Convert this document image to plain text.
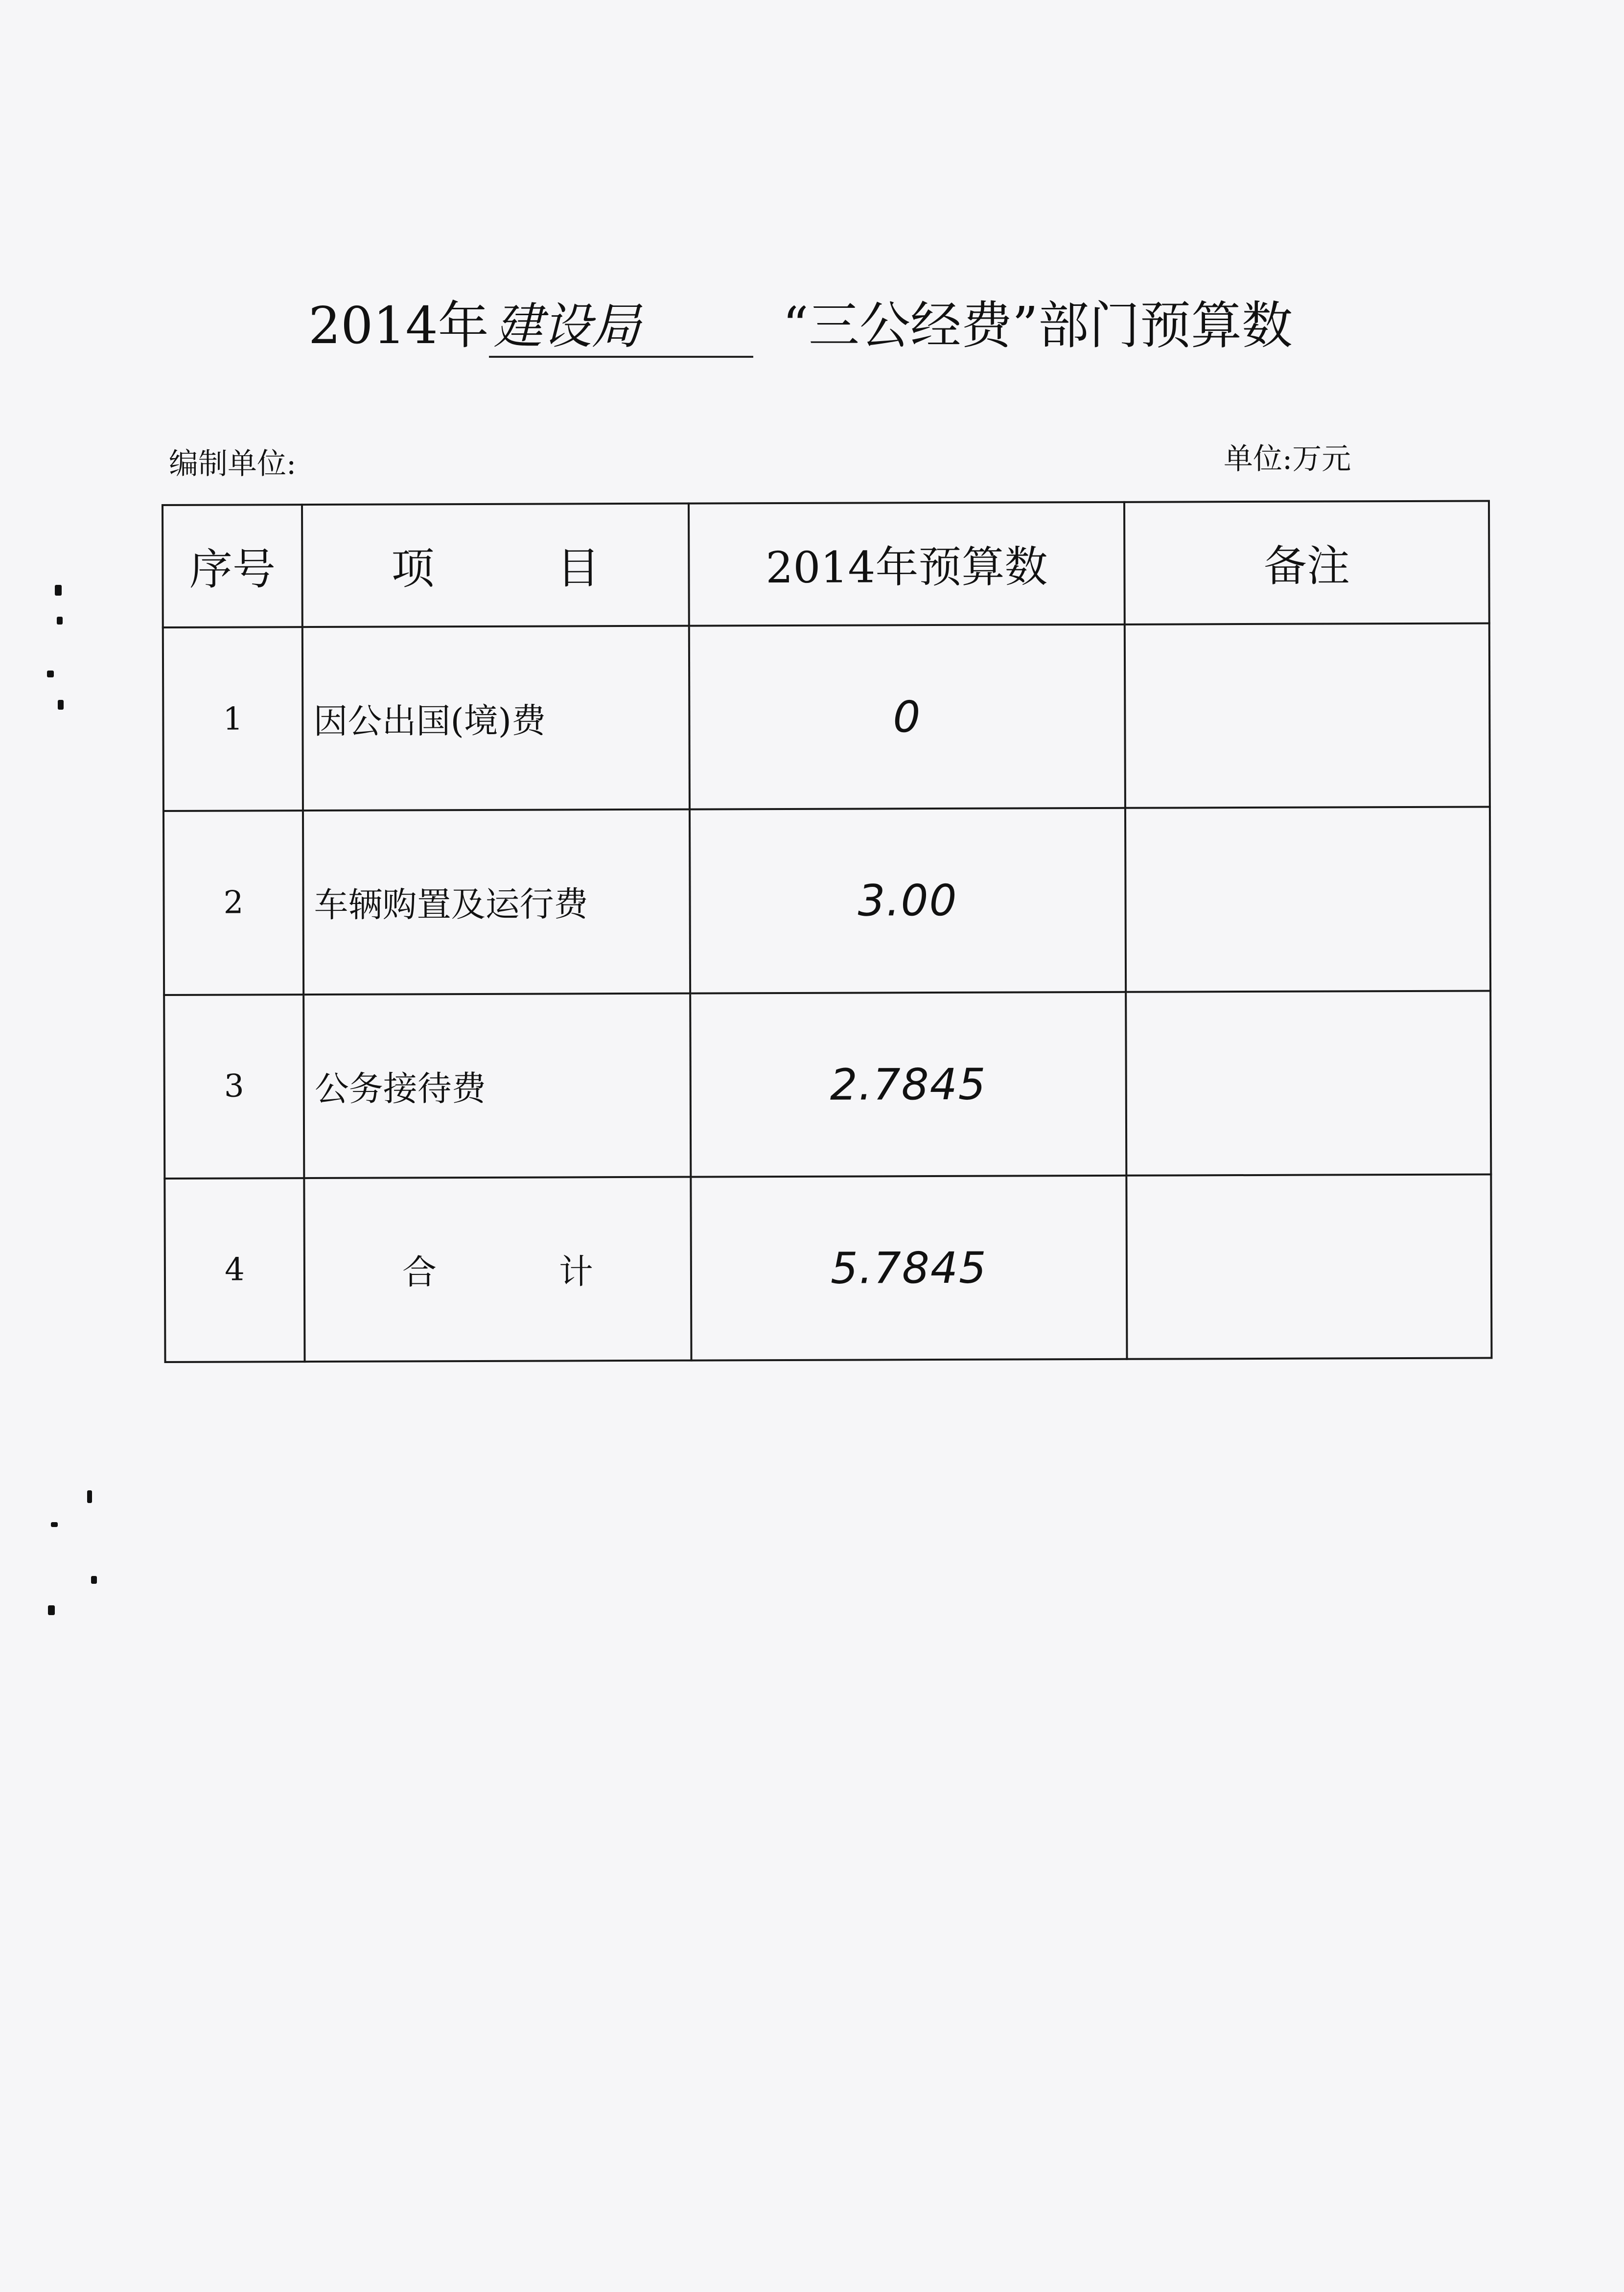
2014年 建设局	“三公经费”部门预算数
编制单位:	单位:万元
序号	项 目	2014年预算数	备注
1	因公出国(境)费	0	
2	车辆购置及运行费	3.00	
3	公务接待费	2.7845	
4	合 计	5.7845	
